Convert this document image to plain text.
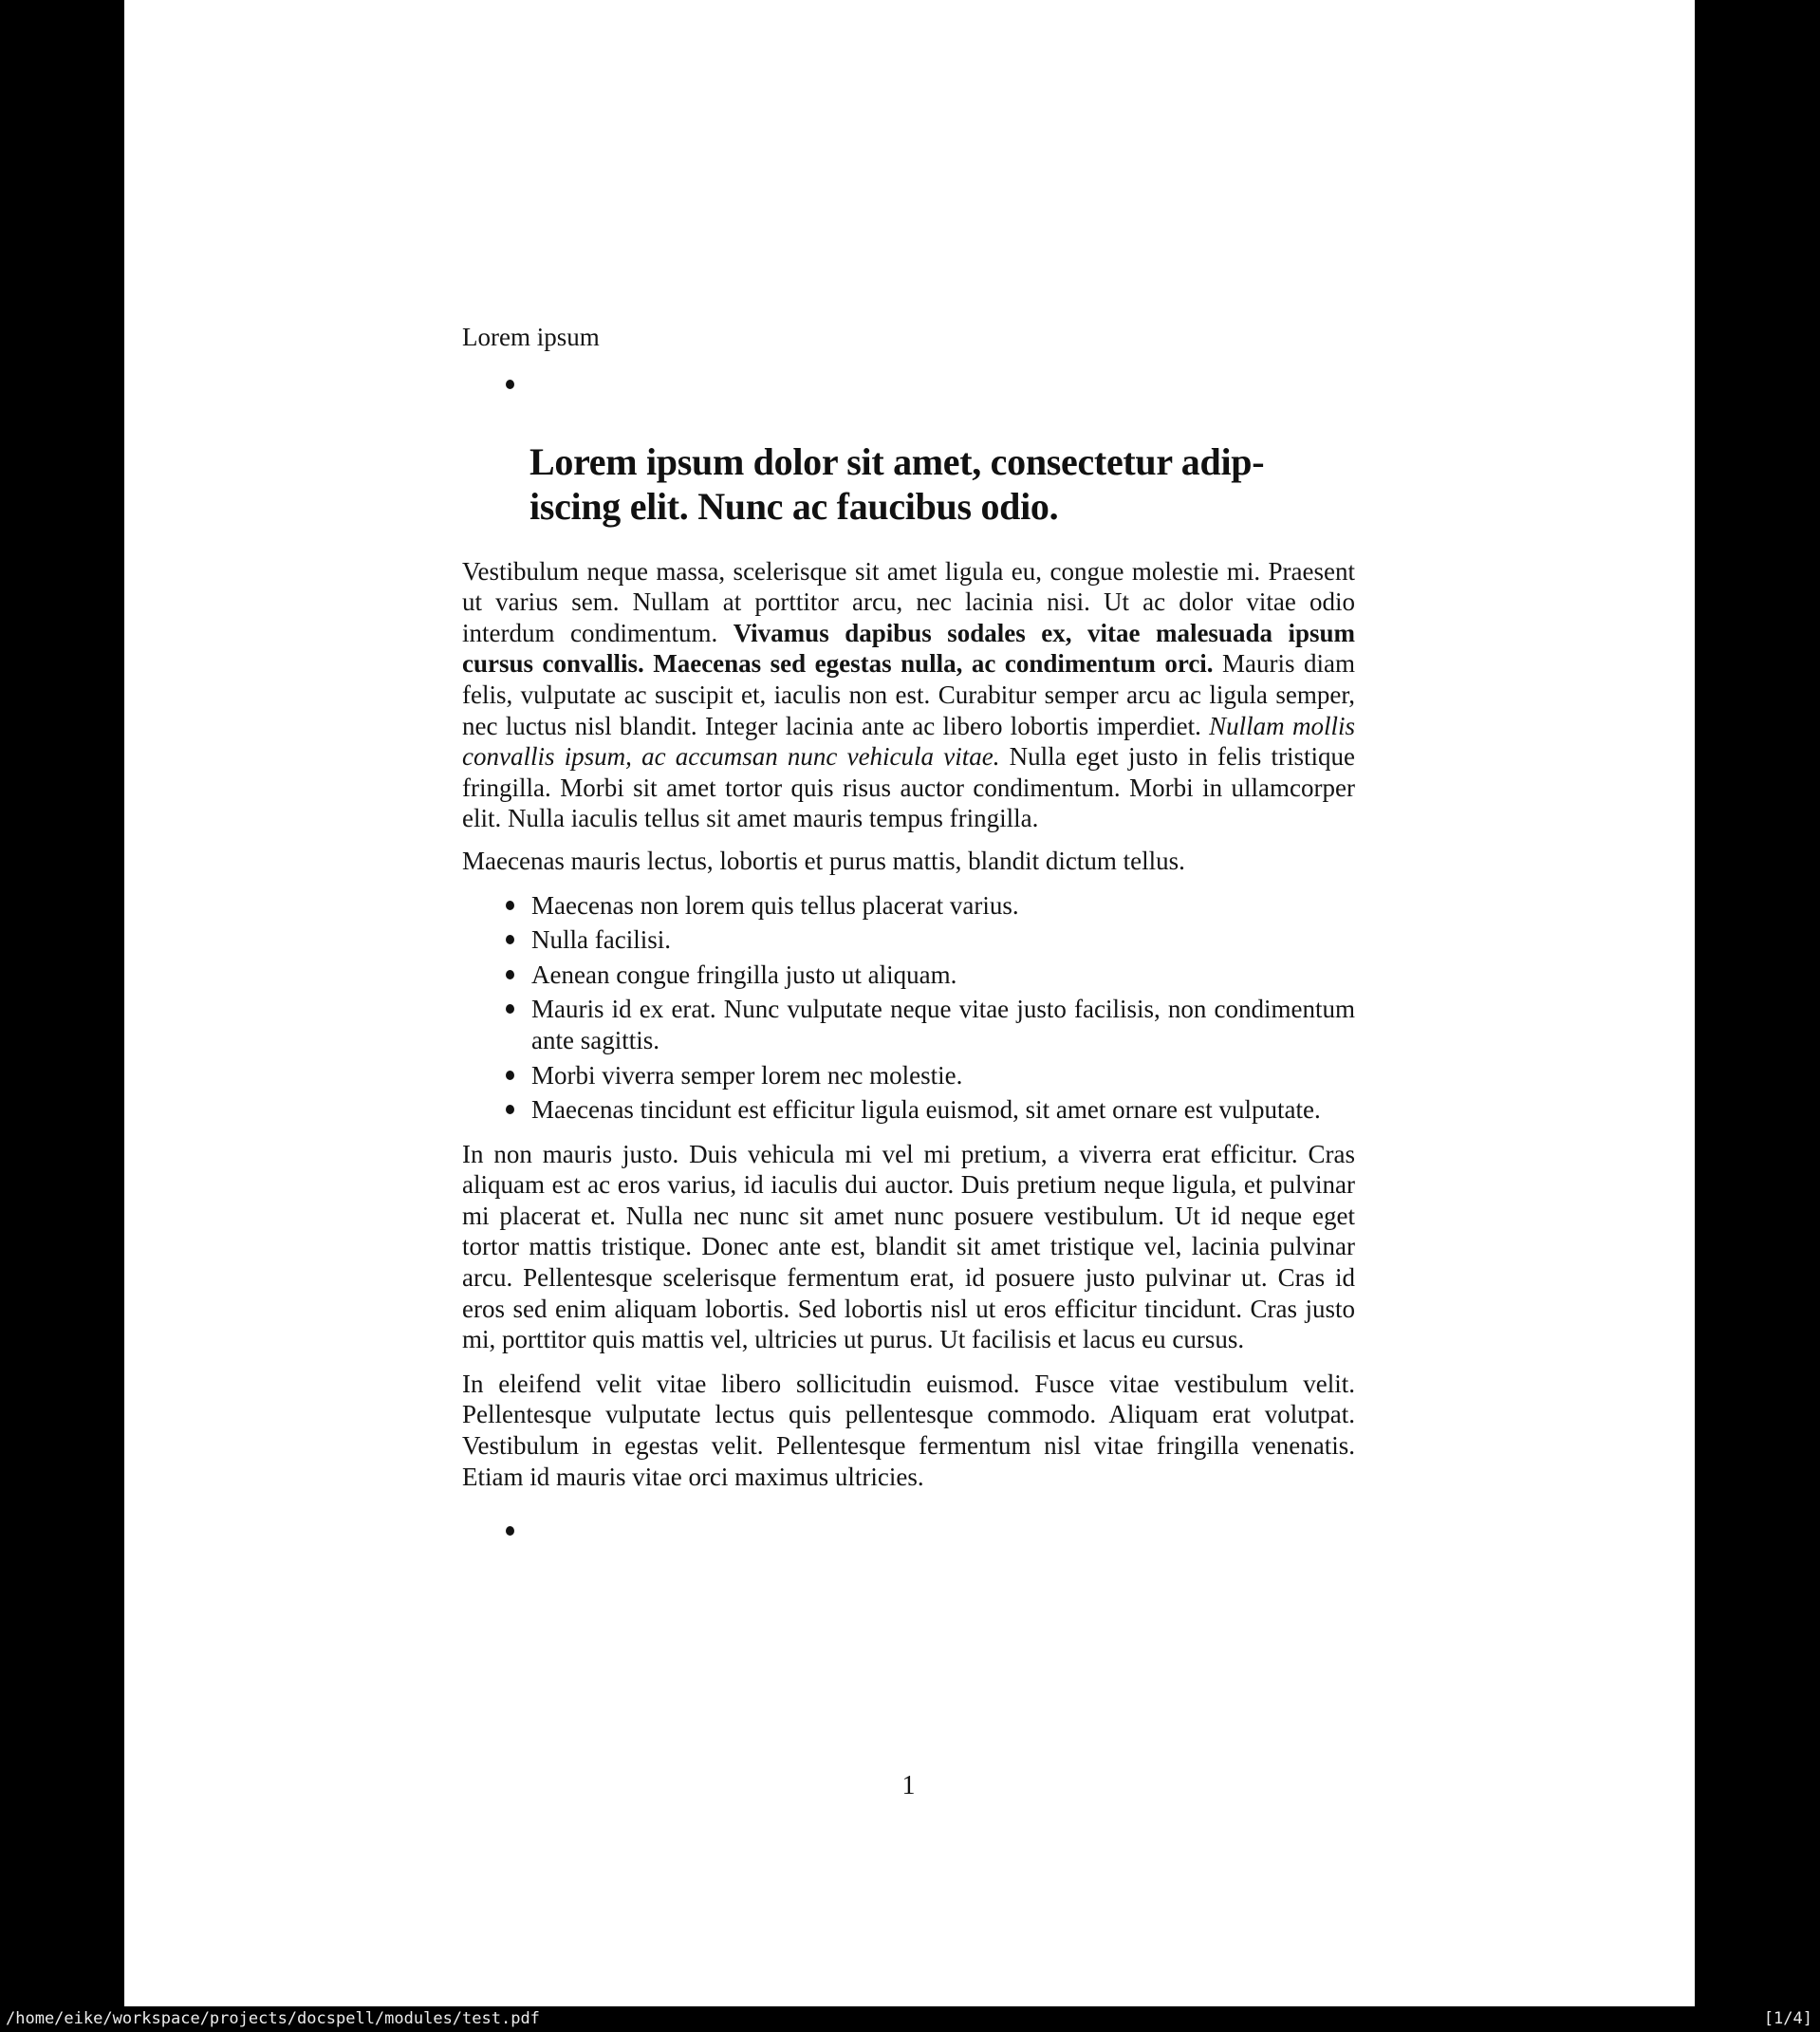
Lorem ipsum

Lorem ipsum dolor sit amet, consectetur adip-
iscing elit. Nunc ac faucibus odio.

Vestibulum neque massa, scelerisque sit amet ligula eu, congue molestie mi. Praesent ut varius sem. Nullam at porttitor arcu, nec lacinia nisi. Ut ac dolor vitae odio interdum condimentum. Vivamus dapibus sodales ex, vitae malesuada ipsum cursus convallis. Maecenas sed egestas nulla, ac condimentum orci. Mauris diam felis, vulputate ac suscipit et, iaculis non est. Curabitur semper arcu ac ligula semper, nec luctus nisl blandit. Integer lacinia ante ac libero lobortis imperdiet. Nullam mollis convallis ipsum, ac accumsan nunc vehicula vitae. Nulla eget justo in felis tristique fringilla. Morbi sit amet tortor quis risus auctor condimentum. Morbi in ullamcorper elit. Nulla iaculis tellus sit amet mauris tempus fringilla.

Maecenas mauris lectus, lobortis et purus mattis, blandit dictum tellus.

Maecenas non lorem quis tellus placerat varius.
Nulla facilisi.
Aenean congue fringilla justo ut aliquam.
Mauris id ex erat. Nunc vulputate neque vitae justo facilisis, non condimentum ante sagittis.
Morbi viverra semper lorem nec molestie.
Maecenas tincidunt est efficitur ligula euismod, sit amet ornare est vulputate.

In non mauris justo. Duis vehicula mi vel mi pretium, a viverra erat efficitur. Cras aliquam est ac eros varius, id iaculis dui auctor. Duis pretium neque ligula, et pulvinar mi placerat et. Nulla nec nunc sit amet nunc posuere vestibulum. Ut id neque eget tortor mattis tristique. Donec ante est, blandit sit amet tristique vel, lacinia pulvinar arcu. Pellentesque scelerisque fermentum erat, id posuere justo pulvinar ut. Cras id eros sed enim aliquam lobortis. Sed lobortis nisl ut eros efficitur tincidunt. Cras justo mi, porttitor quis mattis vel, ultricies ut purus. Ut facilisis et lacus eu cursus.

In eleifend velit vitae libero sollicitudin euismod. Fusce vitae vestibulum velit. Pellentesque vulputate lectus quis pellentesque commodo. Aliquam erat volutpat. Vestibulum in egestas velit. Pellentesque fermentum nisl vitae fringilla venenatis. Etiam id mauris vitae orci maximus ultricies.

1
/home/eike/workspace/projects/docspell/modules/test.pdf	[1/4]
